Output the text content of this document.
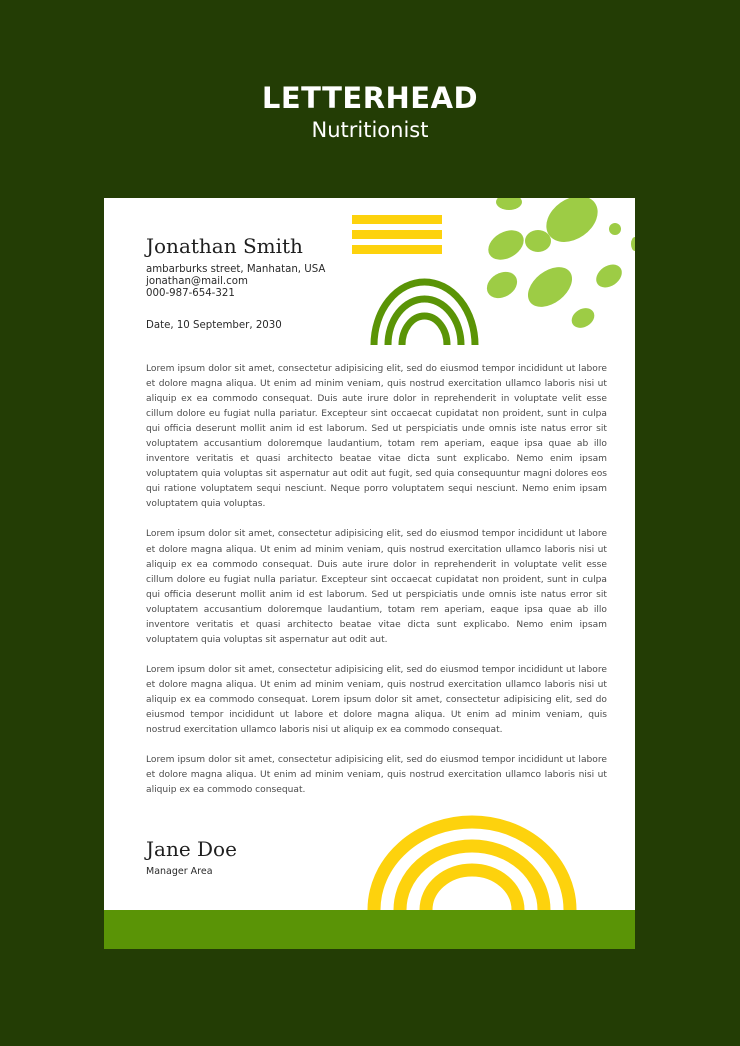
LETTERHEAD
Nutritionist
Jonathan Smith
ambarburks street, Manhatan, USA
jonathan@mail.com
000-987-654-321
Date, 10 September, 2030

Lorem ipsum dolor sit amet, consectetur adipisicing elit, sed do eiusmod tempor incididunt ut labore et dolore magna aliqua. Ut enim ad minim veniam, quis nostrud exercitation ullamco laboris nisi ut aliquip ex ea commodo consequat. Duis aute irure dolor in reprehenderit in voluptate velit esse cillum dolore eu fugiat nulla pariatur. Excepteur sint occaecat cupidatat non proident, sunt in culpa qui officia deserunt mollit anim id est laborum. Sed ut perspiciatis unde omnis iste natus error sit voluptatem accusantium doloremque laudantium, totam rem aperiam, eaque ipsa quae ab illo inventore veritatis et quasi architecto beatae vitae dicta sunt explicabo. Nemo enim ipsam voluptatem quia voluptas sit aspernatur aut odit aut fugit, sed quia consequuntur magni dolores eos qui ratione voluptatem sequi nesciunt. Neque porro voluptatem sequi nesciunt. Nemo enim ipsam voluptatem quia voluptas.

Lorem ipsum dolor sit amet, consectetur adipisicing elit, sed do eiusmod tempor incididunt ut labore et dolore magna aliqua. Ut enim ad minim veniam, quis nostrud exercitation ullamco laboris nisi ut aliquip ex ea commodo consequat. Duis aute irure dolor in reprehenderit in voluptate velit esse cillum dolore eu fugiat nulla pariatur. Excepteur sint occaecat cupidatat non proident, sunt in culpa qui officia deserunt mollit anim id est laborum. Sed ut perspiciatis unde omnis iste natus error sit voluptatem accusantium doloremque laudantium, totam rem aperiam, eaque ipsa quae ab illo inventore veritatis et quasi architecto beatae vitae dicta sunt explicabo. Nemo enim ipsam voluptatem quia voluptas sit aspernatur aut odit aut.

Lorem ipsum dolor sit amet, consectetur adipisicing elit, sed do eiusmod tempor incididunt ut labore et dolore magna aliqua. Ut enim ad minim veniam, quis nostrud exercitation ullamco laboris nisi ut aliquip ex ea commodo consequat. Lorem ipsum dolor sit amet, consectetur adipisicing elit, sed do eiusmod tempor incididunt ut labore et dolore magna aliqua. Ut enim ad minim veniam, quis nostrud exercitation ullamco laboris nisi ut aliquip ex ea commodo consequat.

Lorem ipsum dolor sit amet, consectetur adipisicing elit, sed do eiusmod tempor incididunt ut labore et dolore magna aliqua. Ut enim ad minim veniam, quis nostrud exercitation ullamco laboris nisi ut aliquip ex ea commodo consequat.

Jane Doe
Manager Area
